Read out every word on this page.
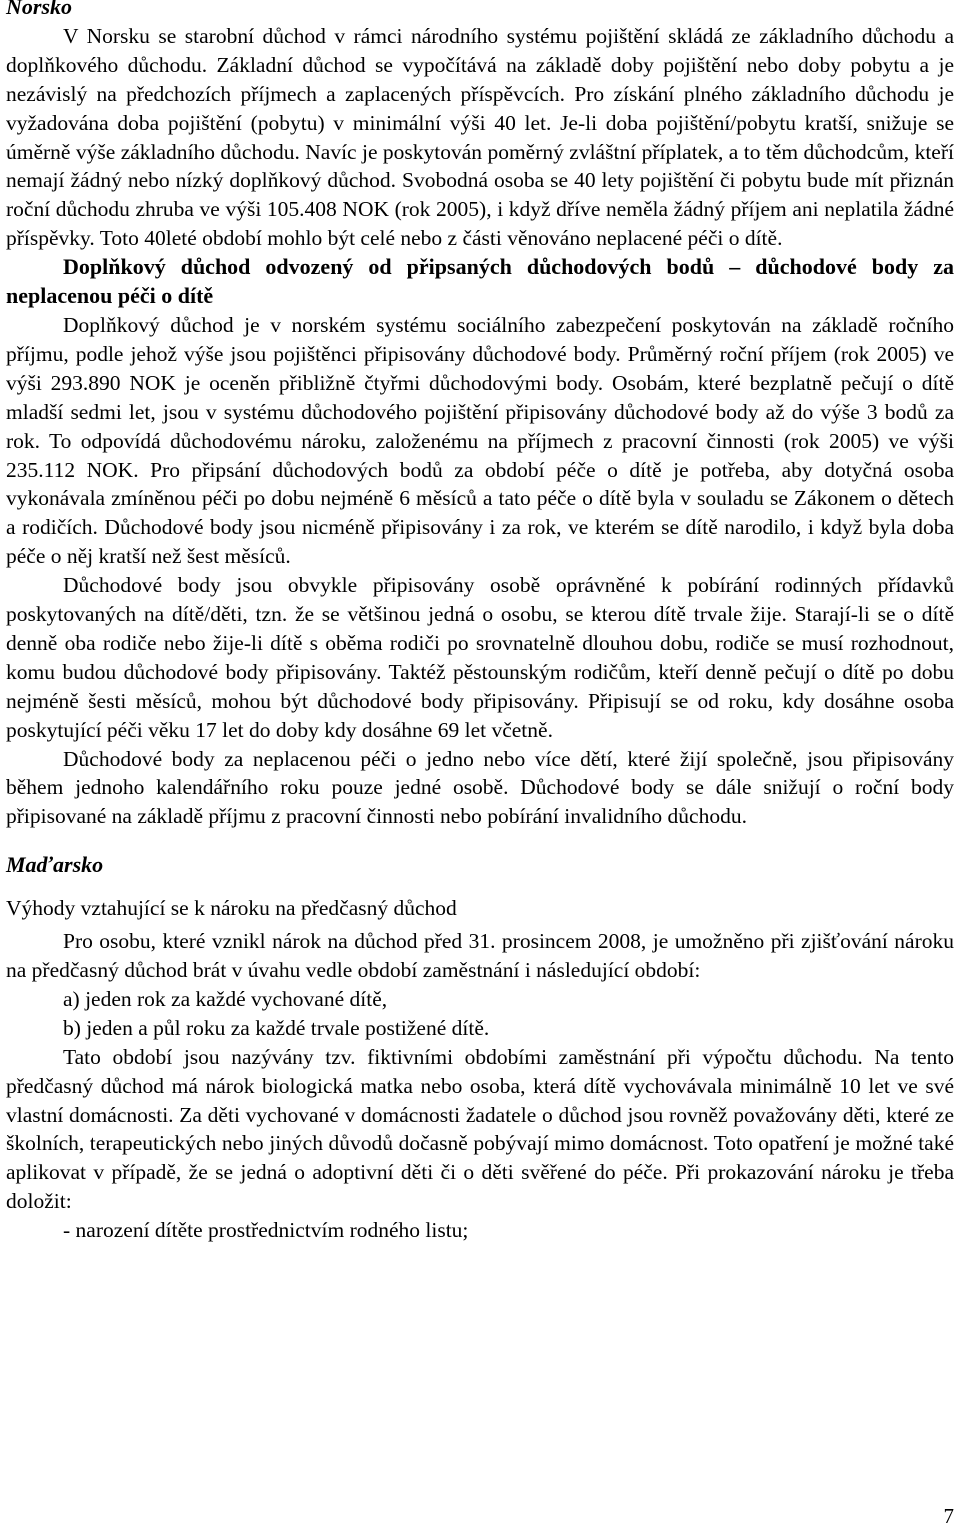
Norsko

V Norsku se starobní důchod v rámci národního systému pojištění skládá ze základního důchodu a doplňkového důchodu. Základní důchod se vypočítává na základě doby pojištění nebo doby pobytu a je nezávislý na předchozích příjmech a zaplacených příspěvcích. Pro získání plného základního důchodu je vyžadována doba pojištění (pobytu) v minimální výši 40 let. Je-li doba pojištění/pobytu kratší, snižuje se úměrně výše základního důchodu. Navíc je poskytován poměrný zvláštní příplatek, a to těm důchodcům, kteří nemají žádný nebo nízký doplňkový důchod. Svobodná osoba se 40 lety pojištění či pobytu bude mít přiznán roční důchodu zhruba ve výši 105.408 NOK (rok 2005), i když dříve neměla žádný příjem ani neplatila žádné příspěvky. Toto 40leté období mohlo být celé nebo z části věnováno neplacené péči o dítě.

Doplňkový důchod odvozený od připsaných důchodových bodů – důchodové body za neplacenou péči o dítě

Doplňkový důchod je v norském systému sociálního zabezpečení poskytován na základě ročního příjmu, podle jehož výše jsou pojištěnci připisovány důchodové body. Průměrný roční příjem (rok 2005) ve výši 293.890 NOK je oceněn přibližně čtyřmi důchodovými body. Osobám, které bezplatně pečují o dítě mladší sedmi let, jsou v systému důchodového pojištění připisovány důchodové body až do výše 3 bodů za rok. To odpovídá důchodovému nároku, založenému na příjmech z pracovní činnosti (rok 2005) ve výši 235.112 NOK. Pro připsání důchodových bodů za období péče o dítě je potřeba, aby dotyčná osoba vykonávala zmíněnou péči po dobu nejméně 6 měsíců a tato péče o dítě byla v souladu se Zákonem o dětech a rodičích. Důchodové body jsou nicméně připisovány i za rok, ve kterém se dítě narodilo, i když byla doba péče o něj kratší než šest měsíců.

Důchodové body jsou obvykle připisovány osobě oprávněné k pobírání rodinných přídavků poskytovaných na dítě/děti, tzn. že se většinou jedná o osobu, se kterou dítě trvale žije. Starají-li se o dítě denně oba rodiče nebo žije-li dítě s oběma rodiči po srovnatelně dlouhou dobu, rodiče se musí rozhodnout, komu budou důchodové body připisovány. Taktéž pěstounským rodičům, kteří denně pečují o dítě po dobu nejméně šesti měsíců, mohou být důchodové body připisovány. Připisují se od roku, kdy dosáhne osoba poskytující péči věku 17 let do doby kdy dosáhne 69 let včetně.

Důchodové body za neplacenou péči o jedno nebo více dětí, které žijí společně, jsou připisovány během jednoho kalendářního roku pouze jedné osobě. Důchodové body se dále snižují o roční body připisované na základě příjmu z pracovní činnosti nebo pobírání invalidního důchodu.

Maďarsko

Výhody vztahující se k nároku na předčasný důchod

Pro osobu, které vznikl nárok na důchod před 31. prosincem 2008, je umožněno při zjišťování nároku na předčasný důchod brát v úvahu vedle období zaměstnání i následující období:

a) jeden rok za každé vychované dítě,

b) jeden a půl roku za každé trvale postižené dítě.

Tato období jsou nazývány tzv. fiktivními obdobími zaměstnání při výpočtu důchodu. Na tento předčasný důchod má nárok biologická matka nebo osoba, která dítě vychovávala minimálně 10 let ve své vlastní domácnosti. Za děti vychované v domácnosti žadatele o důchod jsou rovněž považovány děti, které ze školních, terapeutických nebo jiných důvodů dočasně pobývají mimo domácnost. Toto opatření je možné také aplikovat v případě, že se jedná o adoptivní děti či o děti svěřené do péče. Při prokazování nároku je třeba doložit:

- narození dítěte prostřednictvím rodného listu;

7
